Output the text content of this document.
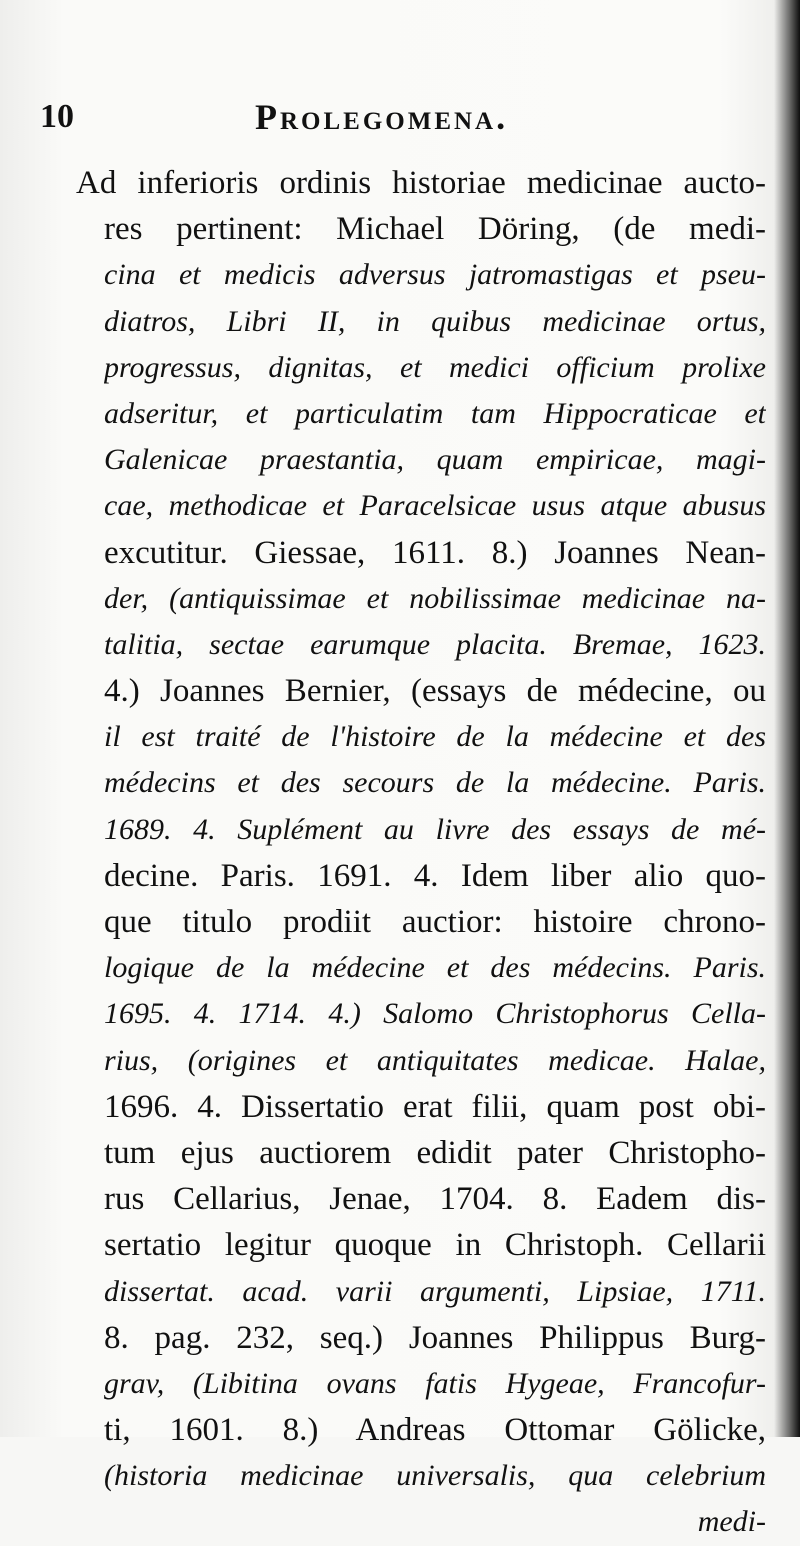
10	Prolegomena.
Ad inferioris ordinis historiae medicinae aucto-
res pertinent: Michael Döring, (de medi-
cina et medicis adversus jatromastigas et pseu-
diatros, Libri II, in quibus medicinae ortus,
progressus, dignitas, et medici officium prolixe
adseritur, et particulatim tam Hippocraticae et
Galenicae praestantia, quam empiricae, magi-
cae, methodicae et Paracelsicae usus atque abusus
excutitur. Giessae, 1611. 8.) Joannes Nean-
der, (antiquissimae et nobilissimae medicinae na-
talitia, sectae earumque placita. Bremae, 1623.
4.) Joannes Bernier, (essays de médecine, ou
il est traité de l'histoire de la médecine et des
médecins et des secours de la médecine. Paris.
1689. 4. Suplément au livre des essays de mé-
decine. Paris. 1691. 4. Idem liber alio quo-
que titulo prodiit auctior: histoire chrono-
logique de la médecine et des médecins. Paris.
1695. 4. 1714. 4.) Salomo Christophorus Cella-
rius, (origines et antiquitates medicae. Halae,
1696. 4. Dissertatio erat filii, quam post obi-
tum ejus auctiorem edidit pater Christopho-
rus Cellarius, Jenae, 1704. 8. Eadem dis-
sertatio legitur quoque in Christoph. Cellarii
dissertat. acad. varii argumenti, Lipsiae, 1711.
8. pag. 232, seq.) Joannes Philippus Burg-
grav, (Libitina ovans fatis Hygeae, Francofur-
ti, 1601. 8.) Andreas Ottomar Gölicke,
(historia medicinae universalis, qua celebrium
medi-
